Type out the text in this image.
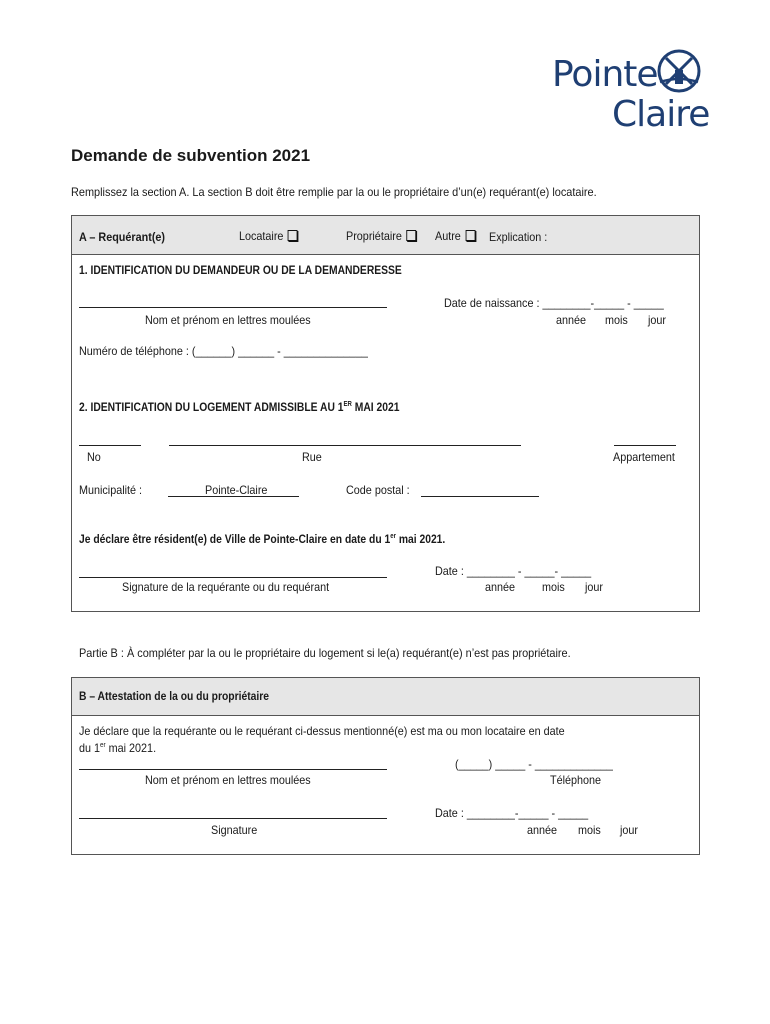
Pointe
Claire
Demande de subvention 2021
Remplissez la section A. La section B doit être remplie par la ou le propriétaire d’un(e) requérant(e) locataire.
A – Requérant(e)	Locataire	Propriétaire	Autre	Explication :
1. IDENTIFICATION DU DEMANDEUR OU DE LA DEMANDERESSE
Nom et prénom en lettres moulées
Date de naissance : ________-_____ - _____
année mois jour
Numéro de téléphone : (______) ______ - ______________
2. IDENTIFICATION DU LOGEMENT ADMISSIBLE AU 1ER MAI 2021
No	Rue	Appartement
Municipalité :	Pointe-Claire	Code postal :
Je déclare être résident(e) de Ville de Pointe-Claire en date du 1er mai 2021.
Signature de la requérante ou du requérant
Date : ________ - _____- _____
année mois jour
Partie B : À compléter par la ou le propriétaire du logement si le(a) requérant(e) n’est pas propriétaire.
B – Attestation de la ou du propriétaire
Je déclare que la requérante ou le requérant ci-dessus mentionné(e) est ma ou mon locataire en date
du 1er mai 2021.
Nom et prénom en lettres moulées
(_____) _____ - _____________
Téléphone
Signature
Date : ________-_____ - _____
année mois jour
